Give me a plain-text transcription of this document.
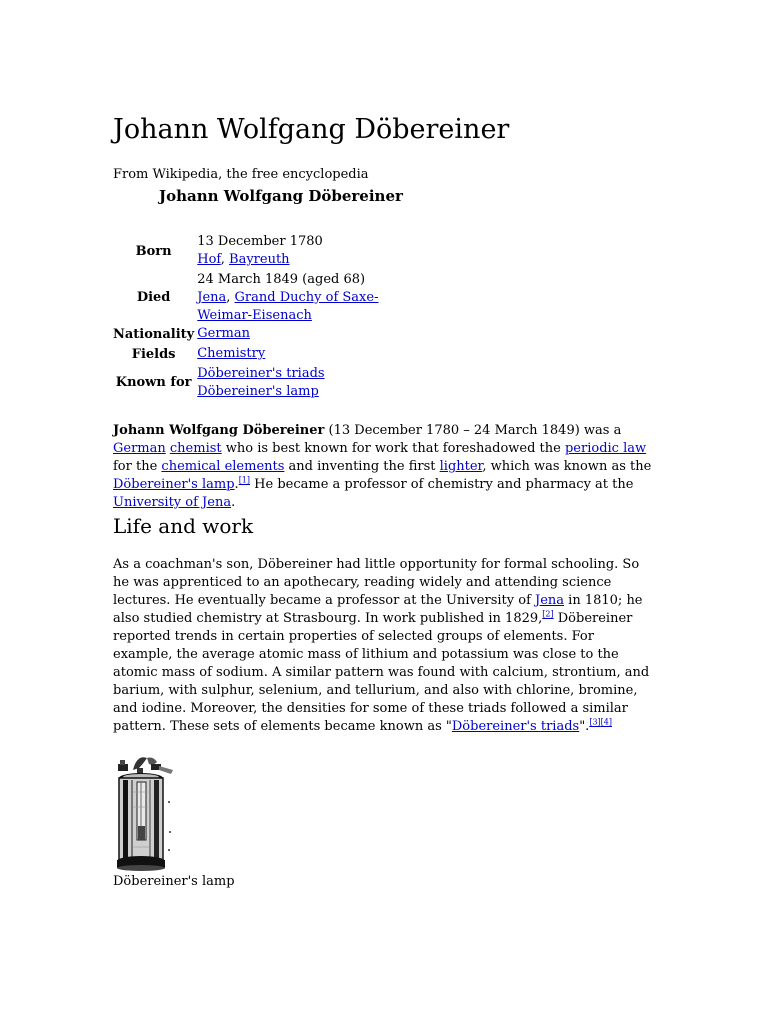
Johann Wolfgang Döbereiner
From Wikipedia, the free encyclopedia
Johann Wolfgang Döbereiner
Born	13 December 1780
Hof, Bayreuth

Died	24 March 1849 (aged 68)
Jena, Grand Duchy of Saxe-Weimar-Eisenach

Nationality	German
Fields	Chemistry
Known for	Döbereiner's triads
Döbereiner's lamp

Johann Wolfgang Döbereiner (13 December 1780 – 24 March 1849) was a German chemist who is best known for work that foreshadowed the periodic law for the chemical elements and inventing the first lighter, which was known as the Döbereiner's lamp.[1] He became a professor of chemistry and pharmacy at the University of Jena.

Life and work

As a coachman's son, Döbereiner had little opportunity for formal schooling. So he was apprenticed to an apothecary, reading widely and attending science lectures. He eventually became a professor at the University of Jena in 1810; he also studied chemistry at Strasbourg. In work published in 1829,[2] Döbereiner reported trends in certain properties of selected groups of elements. For example, the average atomic mass of lithium and potassium was close to the atomic mass of sodium. A similar pattern was found with calcium, strontium, and barium, with sulphur, selenium, and tellurium, and also with chlorine, bromine, and iodine. Moreover, the densities for some of these triads followed a similar pattern. These sets of elements became known as "Döbereiner's triads".[3][4]

Döbereiner's lamp
